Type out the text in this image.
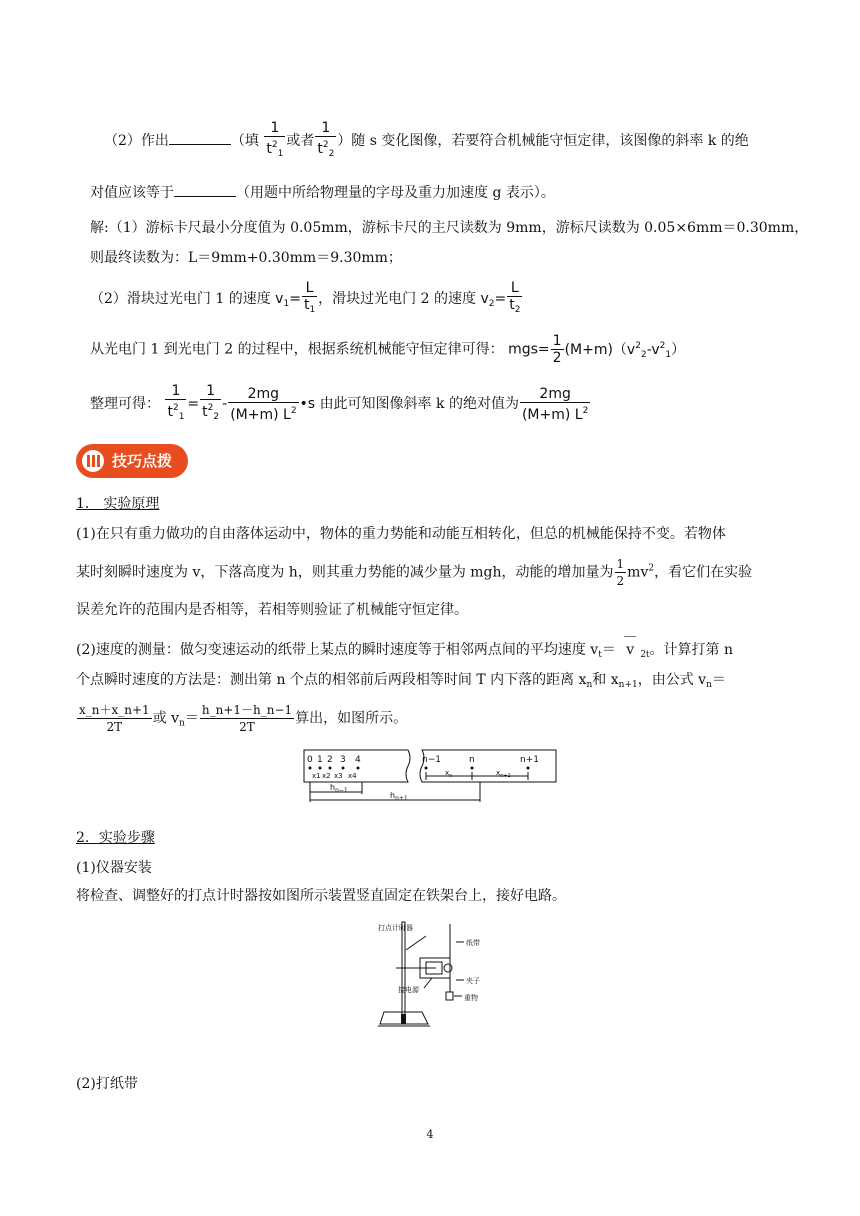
（2）作出	（填 $\frac{1}{t^2_1}$ 或者 $\frac{1}{t^2_2}$ ）随 s 变化图像，若要符合机械能守恒定律，该图像的斜率 k 的绝
对值应该等于	（用题中所给物理量的字母及重力加速度 g 表示）。
解:（1）游标卡尺最小分度值为 0.05mm，游标卡尺的主尺读数为 9mm，游标尺读数为 0.05×6mm＝0.30mm，
则最终读数为：L＝9mm+0.30mm＝9.30mm；
（2）滑块过光电门 1 的速度 $v_1= \frac{L}{t_1}$ ，滑块过光电门 2 的速度 $v_2= \frac{L}{t_2}$
从光电门 1 到光电门 2 的过程中，根据系统机械能守恒定律可得： $mgs= \frac{1}{2} (M+m)(v^2_2-v^2_1)$
整理可得： $\frac{1}{t^2_1} = \frac{1}{t^2_2} - \frac{2mg}{(M+m) L^2}$ •s 由此可知图像斜率 k 的绝对值为 $\frac{2mg}{(M+m) L^2}$
技巧点拨
1． 实验原理
(1)在只有重力做功的自由落体运动中，物体的重力势能和动能互相转化，但总的机械能保持不变。若物体
某时刻瞬时速度为 v，下落高度为 h，则其重力势能的减少量为 mgh，动能的增加量为 $\frac{1}{2} mv^2$，看它们在实验
误差允许的范围内是否相等，若相等则验证了机械能守恒定律。
(2)速度的测量：做匀变速运动的纸带上某点的瞬时速度等于相邻两点间的平均速度 $v_t= v$ $_{2t}$。计算打第 n
个点瞬时速度的方法是：测出第 n 个点的相邻前后两段相等时间 T 内下落的距离 $x_n$和 $x_{n+1}$，由公式 $v_n=$
$\frac{x\_n+x\_n+1}{2T}$ 或 $v_n= \frac{h\_n+1-h\_n-1}{2T}$ 算出，如图所示。
0 1 2 3 4
x1 x2 x3 x4
$h_{n-1}$
$h_{n+1}$
n−1	n	n+1
$x_n$	$x_{n+1}$
2．实验步骤
(1)仪器安装
将检查、调整好的打点计时器按如图所示装置竖直固定在铁架台上，接好电路。
打点计时器
纸带
夹子
接电源
重物
(2)打纸带
4
